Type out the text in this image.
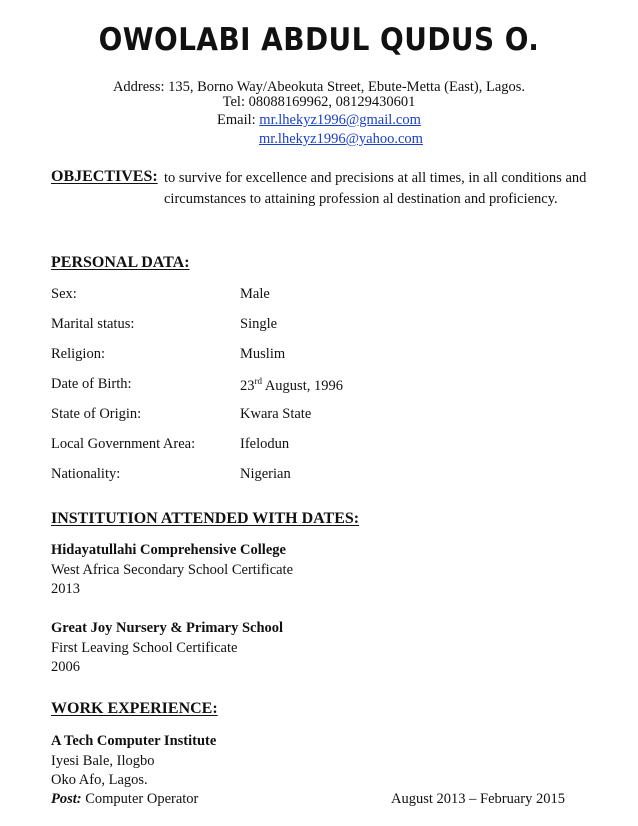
OWOLABI ABDUL QUDUS O.
Address: 135, Borno Way/Abeokuta Street, Ebute-Metta (East), Lagos.
Tel: 08088169962, 08129430601
Email: mr.lhekyz1996@gmail.com
mr.lhekyz1996@yahoo.com
OBJECTIVES: to survive for excellence and precisions at all times, in all conditions and circumstances to attaining profession al destination and proficiency.
PERSONAL DATA:
Sex:	Male
Marital status:	Single
Religion:	Muslim
Date of Birth:	23rd August, 1996
State of Origin:	Kwara State
Local Government Area:	Ifelodun
Nationality:	Nigerian
INSTITUTION ATTENDED WITH DATES:
Hidayatullahi Comprehensive College
West Africa Secondary School Certificate
2013
Great Joy Nursery & Primary School
First Leaving School Certificate
2006
WORK EXPERIENCE:
A Tech Computer Institute
Iyesi Bale, Ilogbo
Oko Afo, Lagos.
Post: Computer Operator	August 2013 – February 2015
